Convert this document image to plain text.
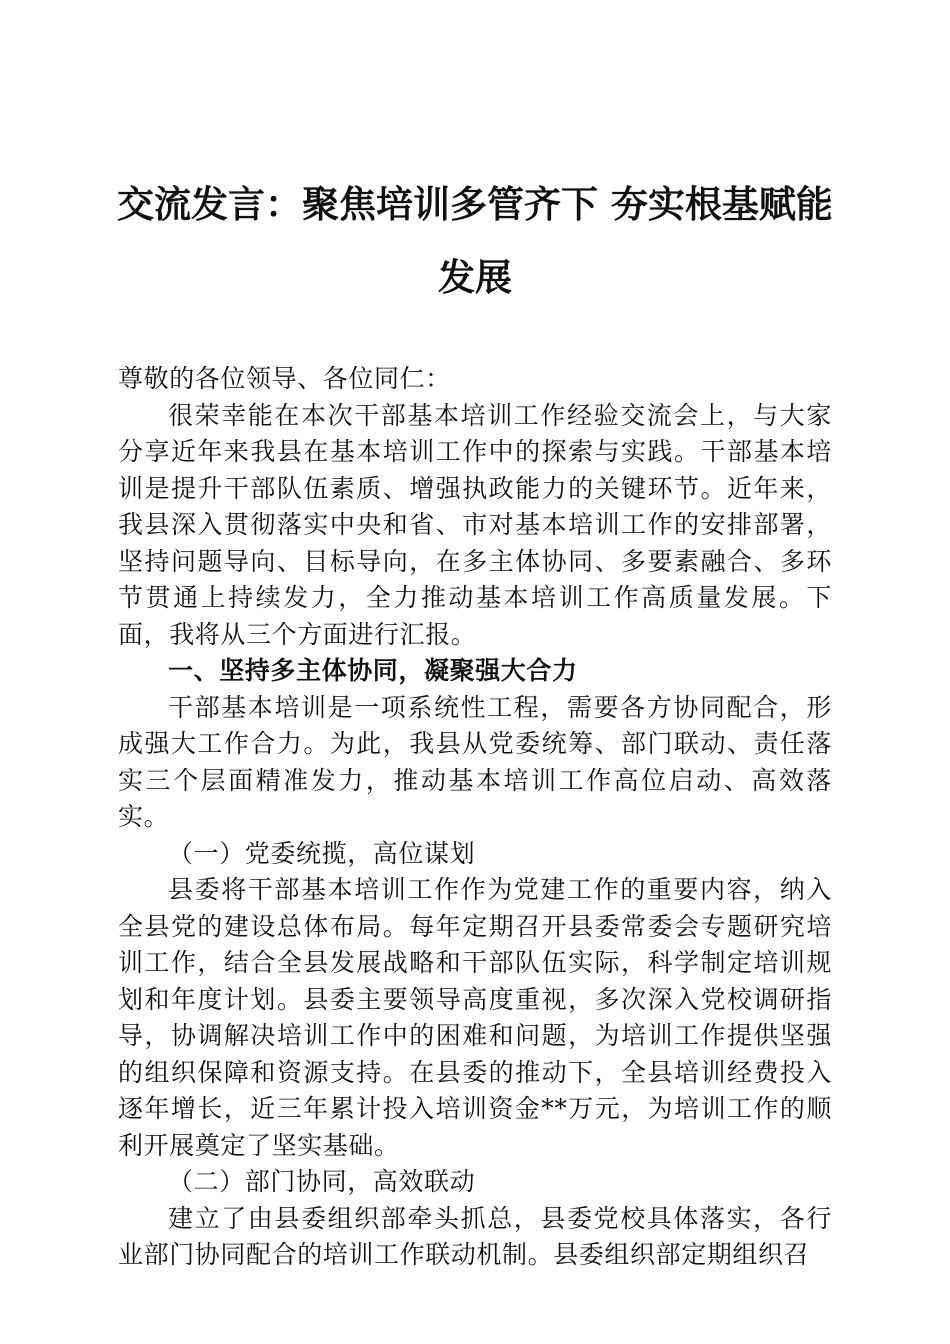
交流发言：聚焦培训多管齐下 夯实根基赋能发展

尊敬的各位领导、各位同仁：

很荣幸能在本次干部基本培训工作经验交流会上，与大家分享近年来我县在基本培训工作中的探索与实践。干部基本培训是提升干部队伍素质、增强执政能力的关键环节。近年来，我县深入贯彻落实中央和省、市对基本培训工作的安排部署，坚持问题导向、目标导向，在多主体协同、多要素融合、多环节贯通上持续发力，全力推动基本培训工作高质量发展。下面，我将从三个方面进行汇报。

一、坚持多主体协同，凝聚强大合力

干部基本培训是一项系统性工程，需要各方协同配合，形成强大工作合力。为此，我县从党委统筹、部门联动、责任落实三个层面精准发力，推动基本培训工作高位启动、高效落实。

（一）党委统揽，高位谋划

县委将干部基本培训工作作为党建工作的重要内容，纳入全县党的建设总体布局。每年定期召开县委常委会专题研究培训工作，结合全县发展战略和干部队伍实际，科学制定培训规划和年度计划。县委主要领导高度重视，多次深入党校调研指导，协调解决培训工作中的困难和问题，为培训工作提供坚强的组织保障和资源支持。在县委的推动下，全县培训经费投入逐年增长，近三年累计投入培训资金**万元，为培训工作的顺利开展奠定了坚实基础。

（二）部门协同，高效联动

建立了由县委组织部牵头抓总，县委党校具体落实，各行业部门协同配合的培训工作联动机制。县委组织部定期组织召
